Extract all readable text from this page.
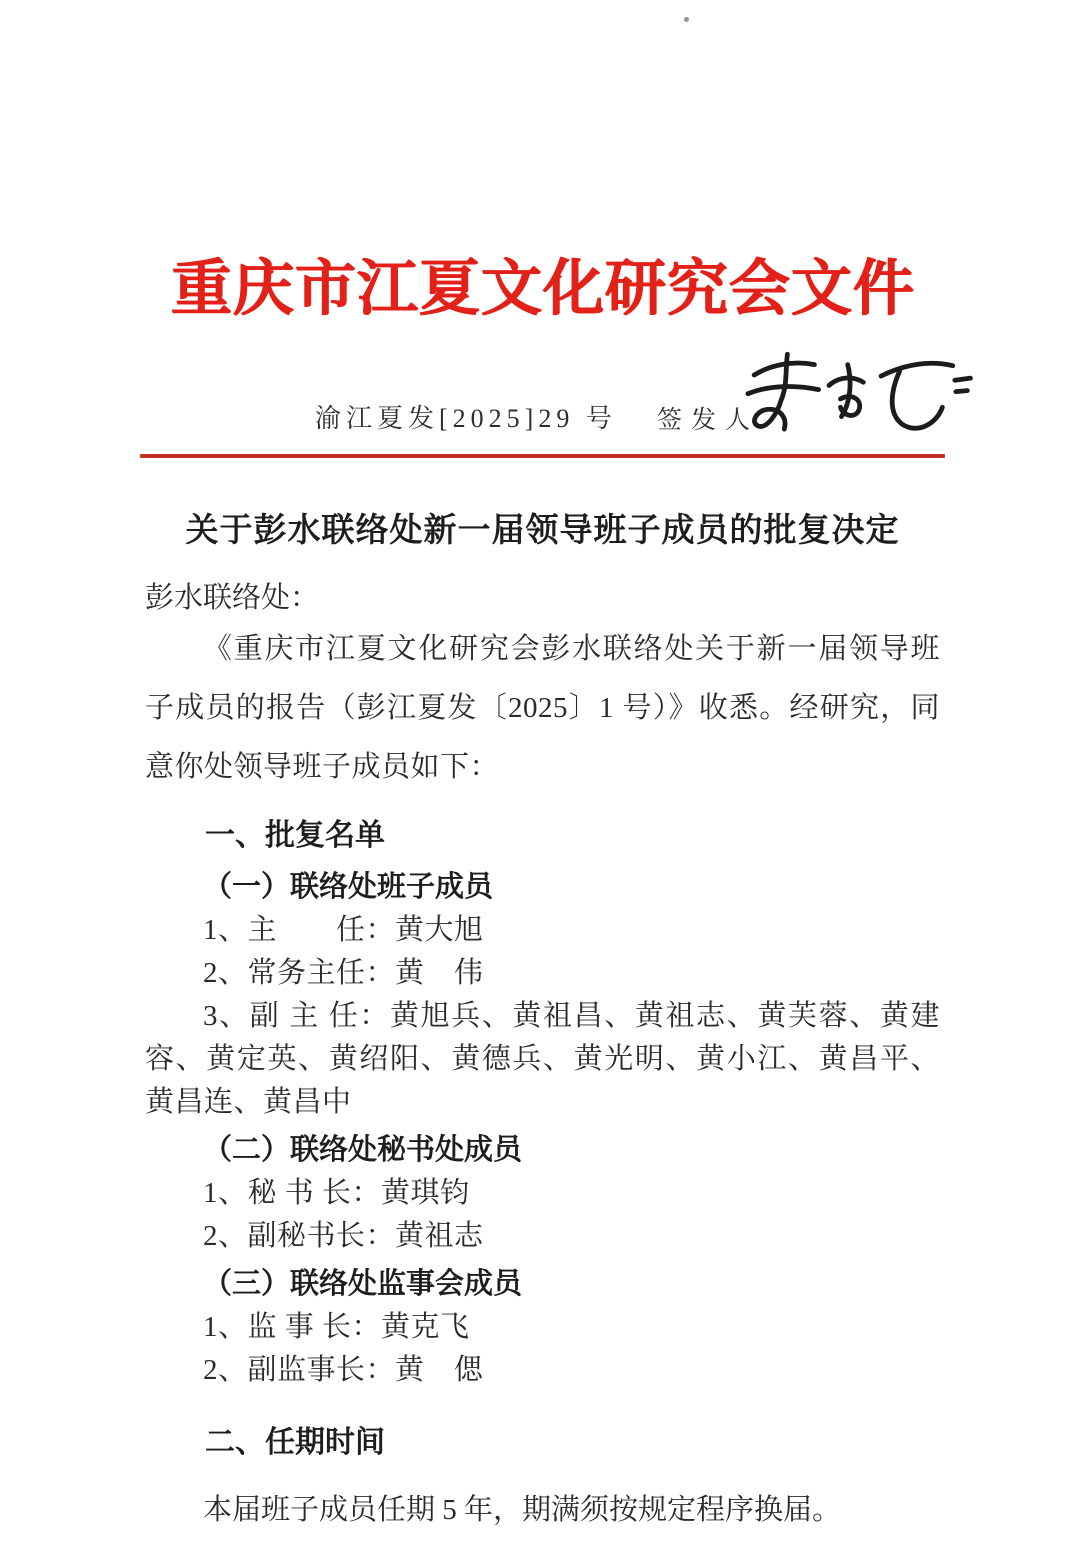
重庆市江夏文化研究会文件
渝江夏发[2025]29 号 签发人
关于彭水联络处新一届领导班子成员的批复决定
彭水联络处：

《重庆市江夏文化研究会彭水联络处关于新一届领导班子成员的报告（彭江夏发〔2025〕1 号）》收悉。经研究，同意你处领导班子成员如下：

一、批复名单
（一）联络处班子成员

1、主　　任：黄大旭

2、常务主任：黄　伟

3、副 主 任：黄旭兵、黄祖昌、黄祖志、黄芙蓉、黄建容、黄定英、黄绍阳、黄德兵、黄光明、黄小江、黄昌平、黄昌连、黄昌中

（二）联络处秘书处成员

1、秘 书 长：黄琪钧

2、副秘书长：黄祖志

（三）联络处监事会成员

1、监 事 长：黄克飞

2、副监事长：黄　偲

二、任期时间

本届班子成员任期 5 年，期满须按规定程序换届。
